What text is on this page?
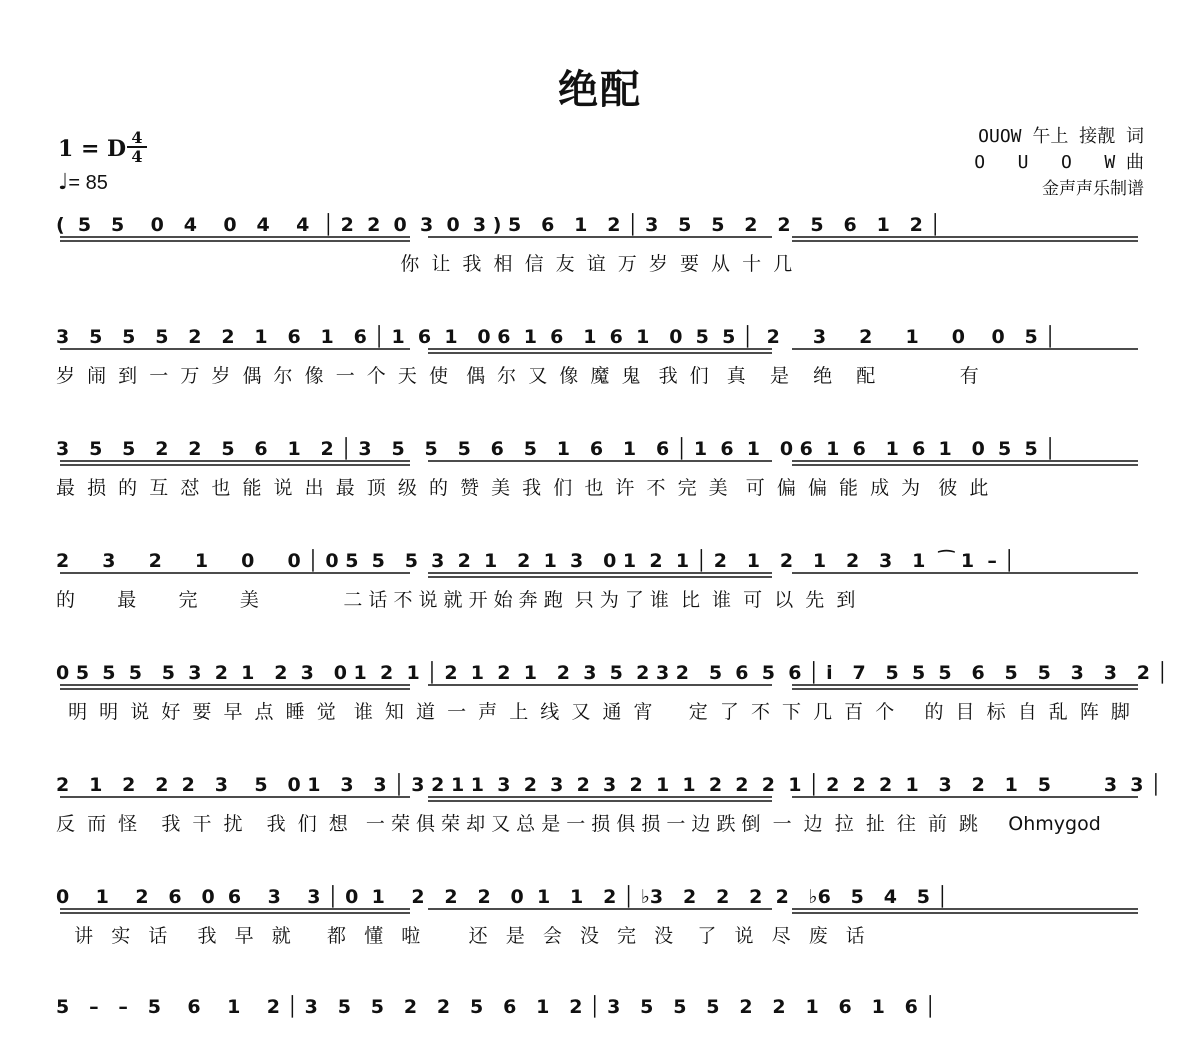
绝配
1 = D 4
4
♩= 85
OUOW 午上 接靓 词
O   U   O   W 曲
金声声乐制谱
(  5   5    0   4    0   4    4  │ 2  2  0  3  0  3 ) 5   6   1   2 │ 3   5   5   2   2   5   6   1   2 │
你  让  我  相  信  友  谊  万  岁  要  从  十  几
3   5   5   5   2   2   1   6   1   6 │ 1  6  1   0 6  1  6   1  6  1   0  5  5 │  2     3     2     1     0    0   5 │
岁  闹  到  一  万  岁  偶  尔  像  一  个  天  使   偶  尔  又  像  魔  鬼   我  们   真    是    绝    配              有
3   5   5   2   2   5   6   1   2 │ 3   5   5   5   6   5   1   6   1   6 │ 1  6  1   0 6  1  6   1  6  1   0  5  5 │
最  损  的  互  怼  也  能  说  出  最  顶  级  的  赞  美  我  们  也  许  不  完  美   可  偏  偏  能  成  为   彼  此
2     3     2     1     0     0 │ 0 5  5   5  3  2  1   2  1  3   0 1  2  1 │ 2   1   2   1   2   3   1  ⁀ 1  – │
的       最       完       美              二 话 不 说 就 开 始 奔 跑  只 为 了 谁  比  谁  可  以  先  到
0 5  5  5   5  3  2  1   2  3   0 1  2  1 │ 2  1  2  1   2  3  5  2 3 2   5  6  5  6 │ i   7   5  5  5   6   5   5   3   3   2 │
明  明  说  好  要  早  点  睡  觉   谁  知  道  一  声  上  线  又  通  宵      定  了  不  下  几  百  个     的  目  标  自  乱  阵  脚
2   1   2   2  2   3    5   0 1   3   3 │ 3 2 1 1  3  2  3  2  3  2  1  1  2  2  2  1 │ 2  2  2  1   3   2   1   5        3  3 │
反  而  怪    我  干  扰    我  们  想   一 荣 俱 荣 却 又 总 是 一 损 俱 损 一 边 跌 倒  一  边  拉  扯  往  前  跳     Ohmygod
0    1    2   6   0  6    3    3 │ 0  1    2   2   2   0  1   1   2 │ ♭3   2   2   2  2   ♭6   5   4   5 │
讲   实   话     我   早   就      都   懂   啦        还   是   会   没   完   没    了   说   尽   废   话
5   –   –   5    6    1    2 │ 3   5   5   2   2   5   6   1   2 │ 3   5   5   5   2   2   1   6   1   6 │
